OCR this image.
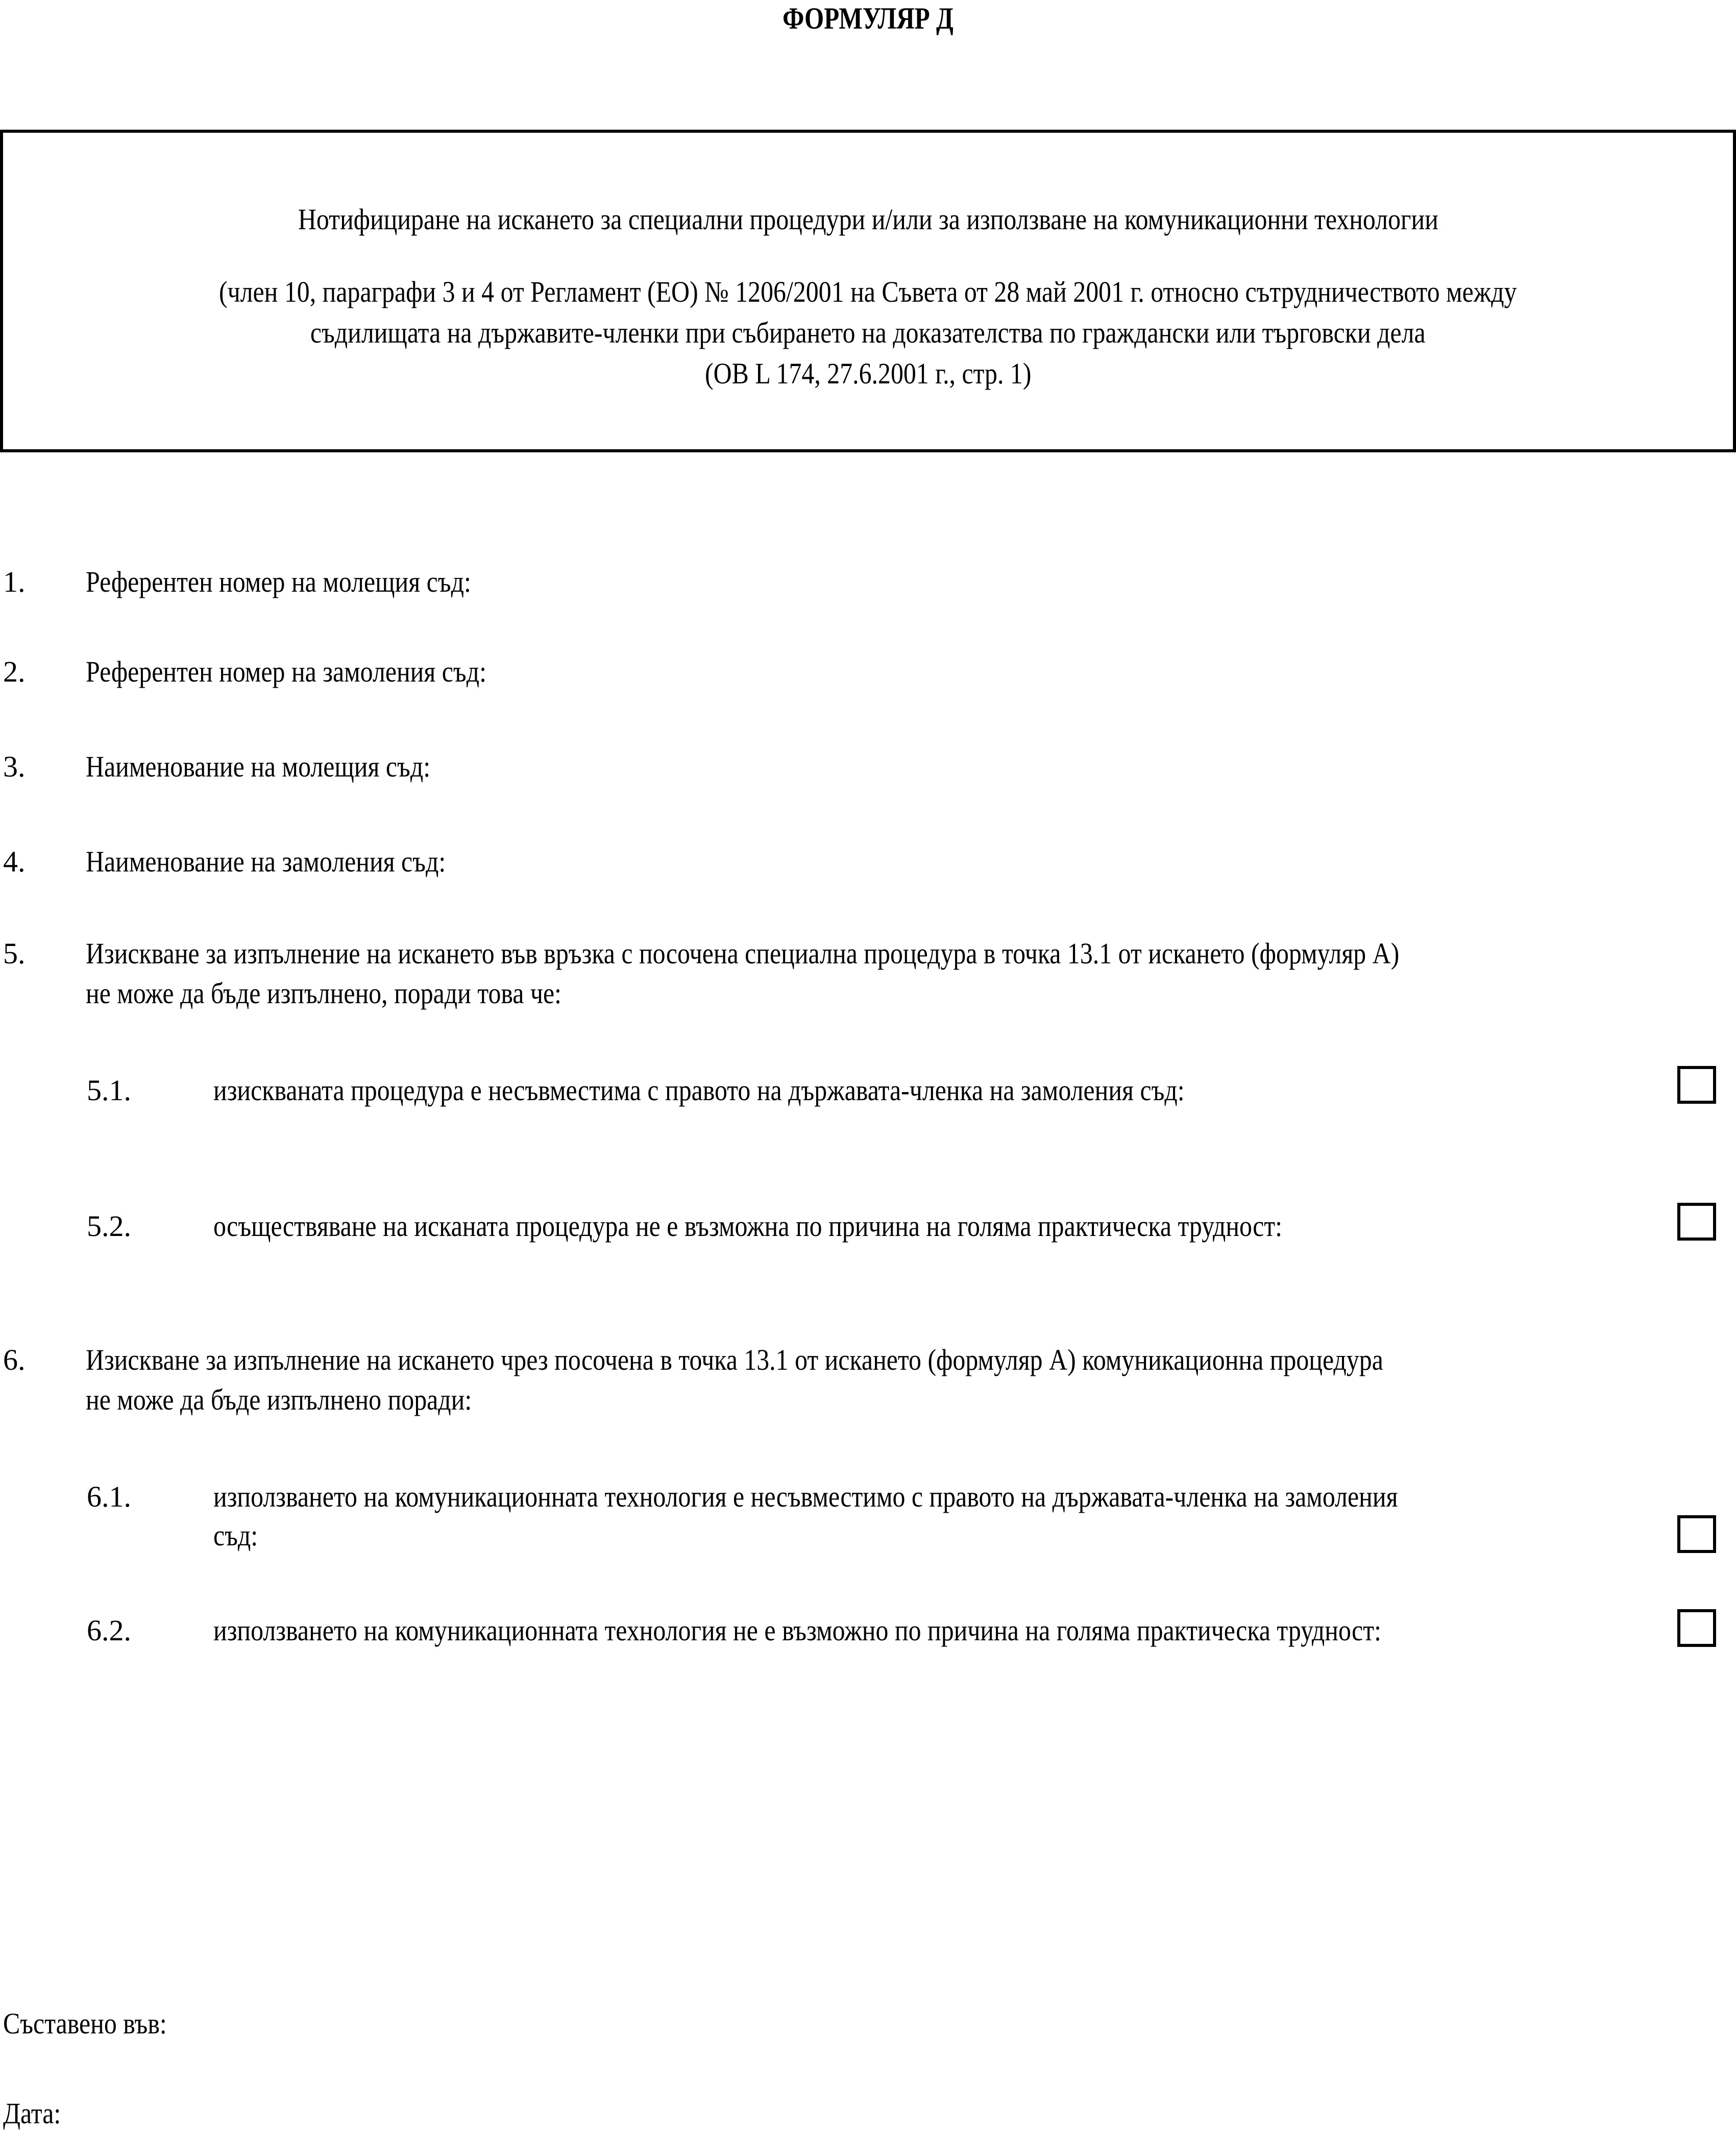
ФОРМУЛЯР Д
Нотифициране на искането за специални процедури и/или за използване на комуникационни технологии
(член 10, параграфи 3 и 4 от Регламент (ЕО) № 1206/2001 на Съвета от 28 май 2001 г. относно сътрудничеството между
съдилищата на държавите-членки при събирането на доказателства по граждански или търговски дела
(ОВ L 174, 27.6.2001 г., стр. 1)
1. Референтен номер на молещия съд:
2. Референтен номер на замоления съд:
3. Наименование на молещия съд:
4. Наименование на замоления съд:
5. Изискване за изпълнение на искането във връзка с посочена специална процедура в точка 13.1 от искането (формуляр А)
не може да бъде изпълнено, поради това че:
5.1.	изискваната процедура е несъвместима с правото на държавата-членка на замоления съд:
5.2.	осъществяване на исканата процедура не е възможна по причина на голяма практическа трудност:
6. Изискване за изпълнение на искането чрез посочена в точка 13.1 от искането (формуляр А) комуникационна процедура
не може да бъде изпълнено поради:
6.1.	използването на комуникационната технология е несъвместимо с правото на държавата-членка на замоления
съд:
6.2.	използването на комуникационната технология не е възможно по причина на голяма практическа трудност:
Съставено във:
Дата:
